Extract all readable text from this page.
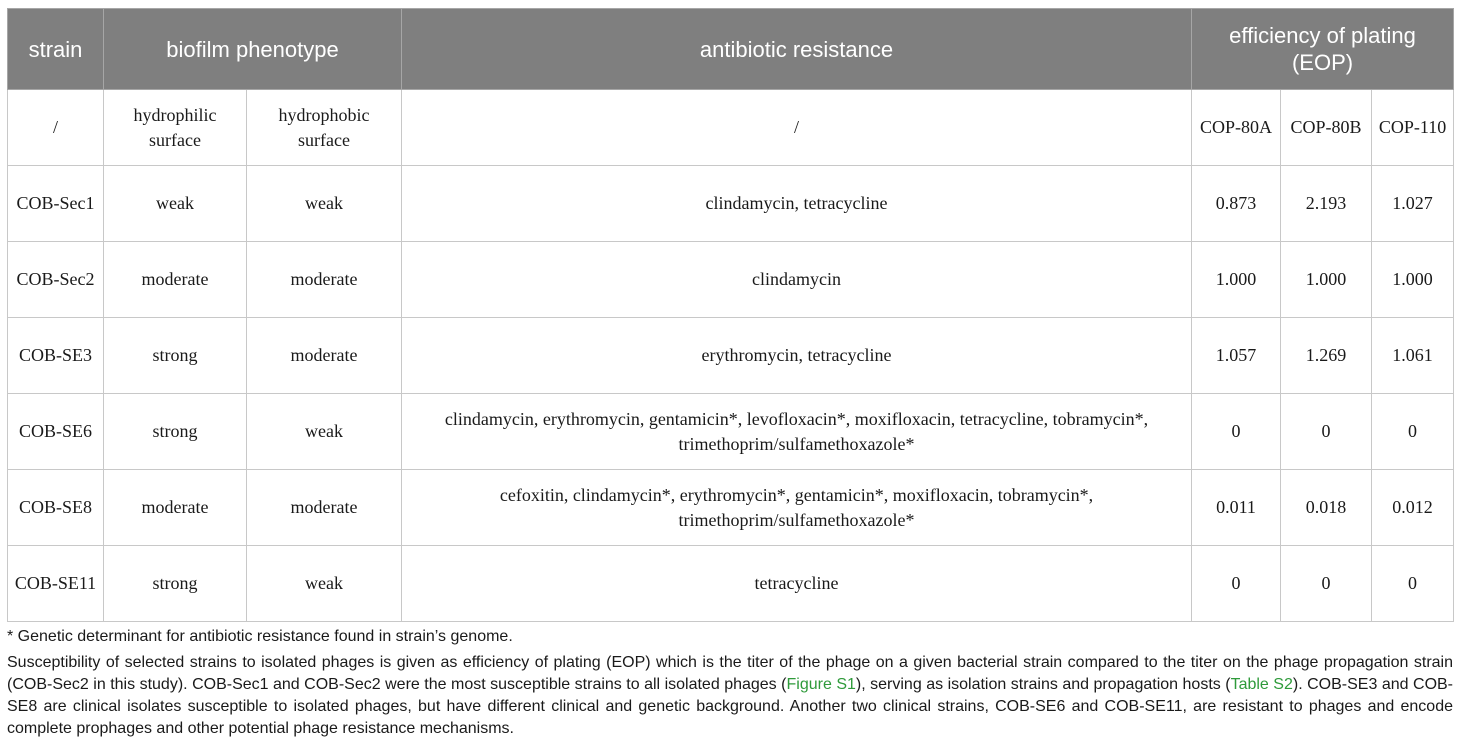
strain	biofilm phenotype		antibiotic resistance	efficiency of plating (EOP)		
/	hydrophilic surface	hydrophobic surface	/	COP-80A	COP-80B	COP-110
COB-Sec1	weak	weak	clindamycin, tetracycline	0.873	2.193	1.027
COB-Sec2	moderate	moderate	clindamycin	1.000	1.000	1.000
COB-SE3	strong	moderate	erythromycin, tetracycline	1.057	1.269	1.061
COB-SE6	strong	weak	clindamycin, erythromycin, gentamicin*, levofloxacin*, moxifloxacin, tetracycline, tobramycin*, trimethoprim/sulfamethoxazole*	0	0	0
COB-SE8	moderate	moderate	cefoxitin, clindamycin*, erythromycin*, gentamicin*, moxifloxacin, tobramycin*, trimethoprim/sulfamethoxazole*	0.011	0.018	0.012
COB-SE11	strong	weak	tetracycline	0	0	0
* Genetic determinant for antibiotic resistance found in strain’s genome.
Susceptibility of selected strains to isolated phages is given as efficiency of plating (EOP) which is the titer of the phage on a given bacterial strain compared to the titer on the phage propagation strain (COB-Sec2 in this study). COB-Sec1 and COB-Sec2 were the most susceptible strains to all isolated phages (Figure S1), serving as isolation strains and propagation hosts (Table S2). COB-SE3 and COB-SE8 are clinical isolates susceptible to isolated phages, but have different clinical and genetic background. Another two clinical strains, COB-SE6 and COB-SE11, are resistant to phages and encode complete prophages and other potential phage resistance mechanisms.
